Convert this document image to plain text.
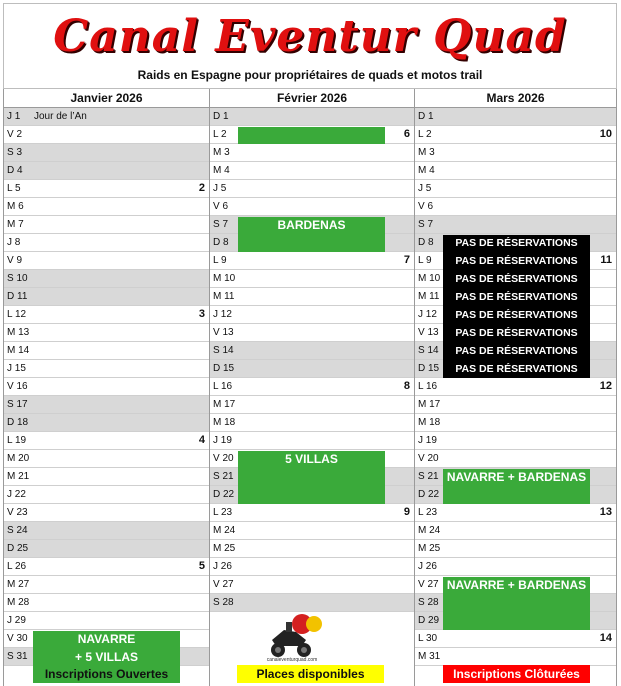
Canal Eventur Quad
Raids en Espagne pour propriétaires de quads et motos trail
Janvier 2026
J 1	Jour de l’An
V 2
S 3
D 4
L 5	2
M 6
M 7
J 8
V 9
S 10
D 11
L 12	3
M 13
M 14
J 15
V 16
S 17
D 18
L 19	4
M 20
M 21
J 22
V 23
S 24
D 25
L 26	5
M 27
M 28
J 29
V 30
S 31
Février 2026
D 1
L 2	6
M 3
M 4
J 5
V 6
S 7
D 8
L 9	7
M 10
M 11
J 12
V 13
S 14
D 15
L 16	8
M 17
M 18
J 19
V 20
S 21
D 22
L 23	9
M 24
M 25
J 26
V 27
S 28
Mars 2026
D 1
L 2	10
M 3
M 4
J 5
V 6
S 7
D 8
L 9	11
M 10
M 11
J 12
V 13
S 14
D 15
L 16	12
M 17
M 18
J 19
V 20
S 21
D 22
L 23	13
M 24
M 25
J 26
V 27
S 28
D 29
L 30	14
M 31
canaleventurquad.com
Inscriptions Ouvertes	Places disponibles	Inscriptions Clôturées
NAVARRE
+ 5 VILLAS
BARDENAS
5 VILLAS
PAS DE RÉSERVATIONS
PAS DE RÉSERVATIONS
PAS DE RÉSERVATIONS
PAS DE RÉSERVATIONS
PAS DE RÉSERVATIONS
PAS DE RÉSERVATIONS
PAS DE RÉSERVATIONS
PAS DE RÉSERVATIONS
NAVARRE + BARDENAS
NAVARRE + BARDENAS
